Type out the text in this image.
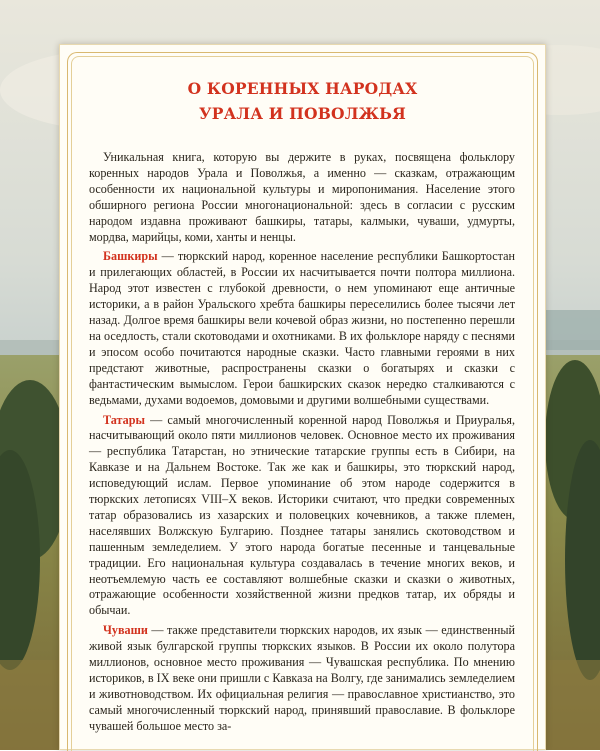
О КОРЕННЫХ НАРОДАХ
УРАЛА И ПОВОЛЖЬЯ

Уникальная книга, которую вы держите в руках, посвящена фольклору коренных народов Урала и Поволжья, а именно — сказкам, отражающим особенности их национальной культуры и миропонимания. Население этого обширного региона России многонациональной: здесь в согласии с русским народом издавна проживают башкиры, татары, калмыки, чуваши, удмурты, мордва, марийцы, коми, ханты и ненцы.

Башкиры — тюркский народ, коренное население республики Башкортостан и прилегающих областей, в России их насчитывается почти полтора миллиона. Народ этот известен с глубокой древности, о нем упоминают еще античные историки, а в район Уральского хребта башкиры переселились более тысячи лет назад. Долгое время башкиры вели кочевой образ жизни, но постепенно перешли на оседлость, стали скотоводами и охотниками. В их фольклоре наряду с песнями и эпосом особо почитаются народные сказки. Часто главными героями в них предстают животные, распространены сказки о богатырях и сказки с фантастическим вымыслом. Герои башкирских сказок нередко сталкиваются с ведьмами, духами водоемов, домовыми и другими волшебными существами.

Татары — самый многочисленный коренной народ Поволжья и Приуралья, насчитывающий около пяти миллионов человек. Основное место их проживания — республика Татарстан, но этнические татарские группы есть в Сибири, на Кавказе и на Дальнем Востоке. Так же как и башкиры, это тюркский народ, исповедующий ислам. Первое упоминание об этом народе содержится в тюркских летописях VIII–X веков. Историки считают, что предки современных татар образовались из хазарских и половецких кочевников, а также племен, населявших Волжскую Булгарию. Позднее татары занялись скотоводством и пашенным земледелием. У этого народа богатые песенные и танцевальные традиции. Его национальная культура создавалась в течение многих веков, и неотъемлемую часть ее составляют волшебные сказки и сказки о животных, отражающие особенности хозяйственной жизни предков татар, их обряды и обычаи.

Чуваши — также представители тюркских народов, их язык — единственный живой язык булгарской группы тюркских языков. В России их около полутора миллионов, основное место проживания — Чувашская республика. По мнению историков, в IX веке они пришли с Кавказа на Волгу, где занимались земледелием и животноводством. Их официальная религия — православное христианство, это самый многочисленный тюркский народ, принявший православие. В фольклоре чувашей большое место за-
